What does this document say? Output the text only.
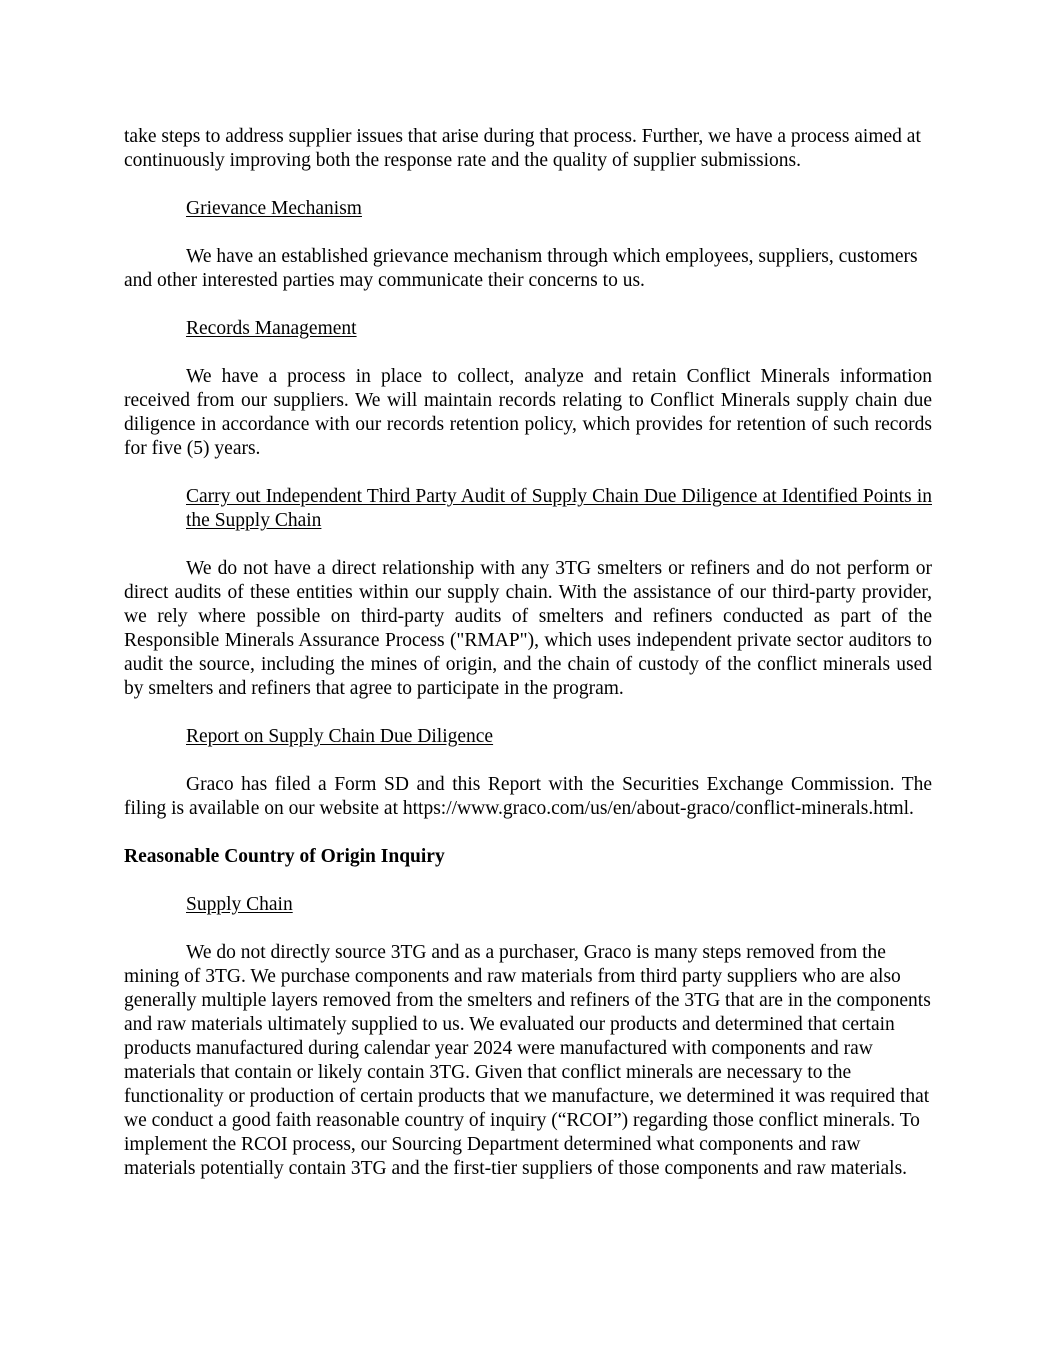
take steps to address supplier issues that arise during that process. Further, we have a process aimed at continuously improving both the response rate and the quality of supplier submissions.

Grievance Mechanism

We have an established grievance mechanism through which employees, suppliers, customers and other interested parties may communicate their concerns to us.

Records Management

We have a process in place to collect, analyze and retain Conflict Minerals information received from our suppliers. We will maintain records relating to Conflict Minerals supply chain due diligence in accordance with our records retention policy, which provides for retention of such records for five (5) years.

Carry out Independent Third Party Audit of Supply Chain Due Diligence at Identified Points in the Supply Chain

We do not have a direct relationship with any 3TG smelters or refiners and do not perform or direct audits of these entities within our supply chain. With the assistance of our third-party provider, we rely where possible on third-party audits of smelters and refiners conducted as part of the Responsible Minerals Assurance Process ("RMAP"), which uses independent private sector auditors to audit the source, including the mines of origin, and the chain of custody of the conflict minerals used by smelters and refiners that agree to participate in the program.

Report on Supply Chain Due Diligence

Graco has filed a Form SD and this Report with the Securities Exchange Commission. The filing is available on our website at https://www.graco.com/us/en/about-graco/conflict-minerals.html.

Reasonable Country of Origin Inquiry

Supply Chain

We do not directly source 3TG and as a purchaser, Graco is many steps removed from the mining of 3TG. We purchase components and raw materials from third party suppliers who are also generally multiple layers removed from the smelters and refiners of the 3TG that are in the components and raw materials ultimately supplied to us. We evaluated our products and determined that certain products manufactured during calendar year 2024 were manufactured with components and raw materials that contain or likely contain 3TG. Given that conflict minerals are necessary to the functionality or production of certain products that we manufacture, we determined it was required that we conduct a good faith reasonable country of inquiry (“RCOI”) regarding those conflict minerals. To implement the RCOI process, our Sourcing Department determined what components and raw materials potentially contain 3TG and the first-tier suppliers of those components and raw materials.
